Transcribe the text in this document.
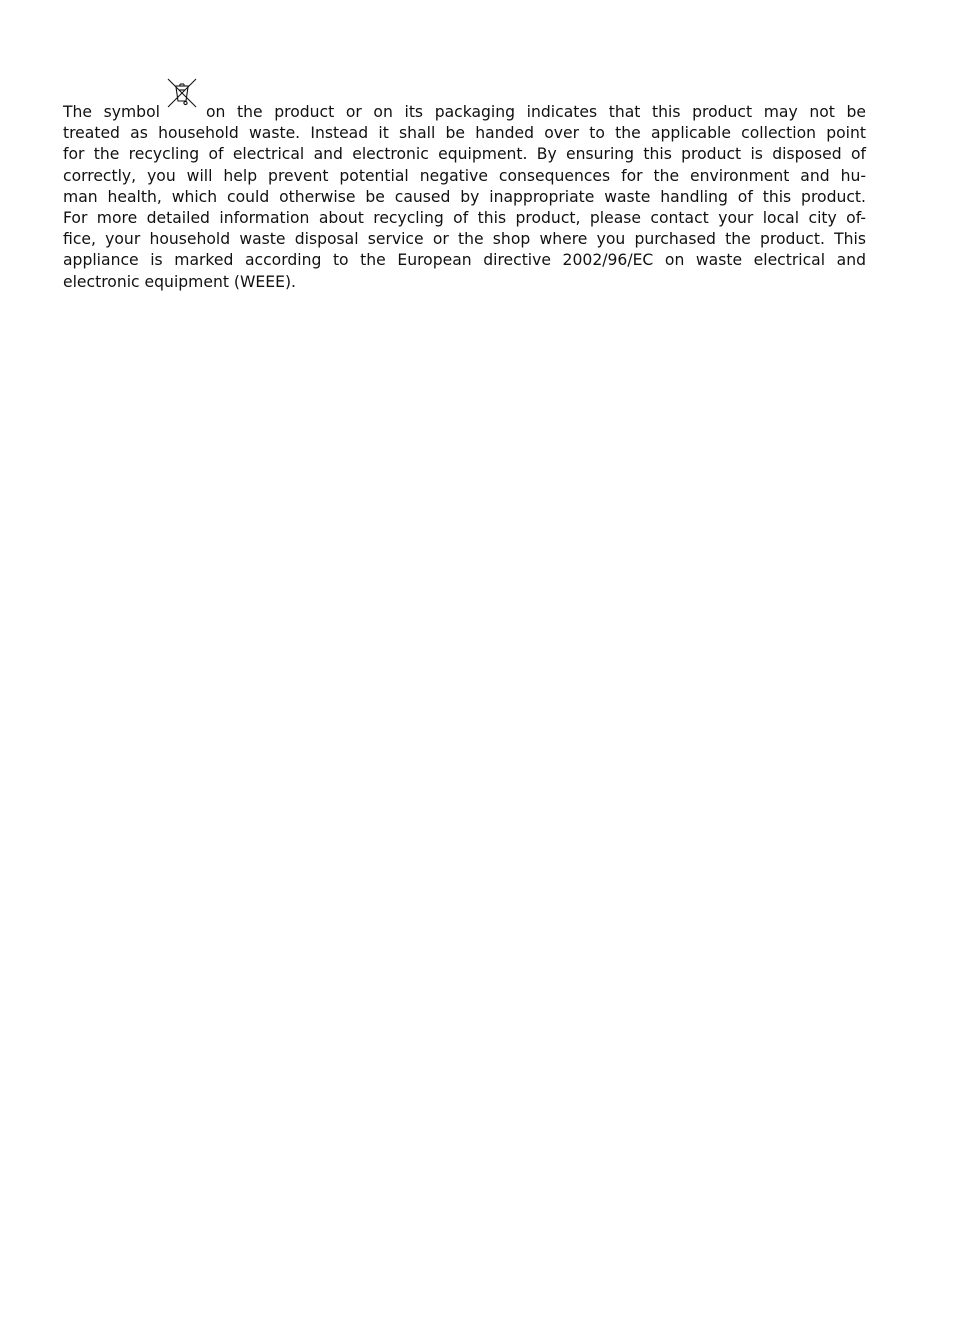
The symbol	on the product or on its packaging indicates that this product may not be
treated as household waste. Instead it shall be handed over to the applicable collection point
for the recycling of electrical and electronic equipment. By ensuring this product is disposed of
correctly, you will help prevent potential negative consequences for the environment and hu-
man health, which could otherwise be caused by inappropriate waste handling of this product.
For more detailed information about recycling of this product, please contact your local city of-
fice, your household waste disposal service or the shop where you purchased the product. This
appliance is marked according to the European directive 2002/96/EC on waste electrical and
electronic equipment (WEEE).
